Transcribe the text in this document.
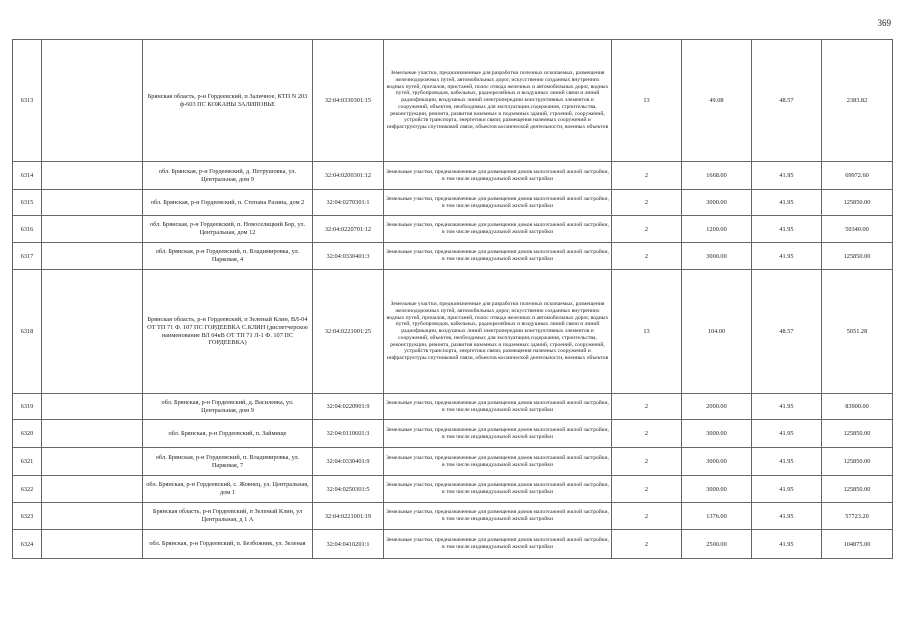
369
6313		Брянская область, р-н Гордеевский, п Заличное, КТП N 203 ф-603 ПС КОЖАНЫ ЗАЛИПОВЬЕ	32:04:0330301:15	Земельные участки, предназначенные для разработки полезных ископаемых, размещения железнодорожных путей, автомобильных дорог, искусственно созданных внутренних водных путей, причалов, пристаней, полос отвода железных и автомобильных дорог, водных путей, трубопроводов, кабельных, радиорелейных и воздушных линий связи и линий радиофикации, воздушных линий электропередачи конструктивных элементов и сооружений, объектов, необходимых для эксплуатации,содержания, строительства, реконструкции, ремонта, развития наземных и подземных зданий, строений, сооружений, устройств транспорта, энергетики связи; размещения наземных сооружений и инфраструктуры спутниковой связи, объектов космической деятельности, военных объектов	13	49.08	48.57	2383.82
6314		обл. Брянская, р-н Гордеевский, д. Петрушовка, ул. Центральная, дом 9	32:04:0200301:12	Земельные участки, предназначенные для размещения домов малоэтажной жилой застройки, в том числе индивидуальной жилой застройки	2	1668.00	41.95	69972.60
6315		обл. Брянская, р-н Гордеевский, п. Степана Разина, дом 2	32:04:0270301:1	Земельные участки, предназначенные для размещения домов малоэтажной жилой застройки, в том числе индивидуальной жилой застройки	2	3000.00	41.95	125850.00
6316		обл. Брянская, р-н Гордеевский, п. Новоселицкий Бор, ул. Центральная, дом 12	32:04:0220701:12	Земельные участки, предназначенные для размещения домов малоэтажной жилой застройки, в том числе индивидуальной жилой застройки	2	1200.00	41.95	50340.00
6317		обл. Брянская, р-н Гордеевский, п. Владимировка, ул. Парковая, 4	32:04:0330401:3	Земельные участки, предназначенные для размещения домов малоэтажной жилой застройки, в том числе индивидуальной жилой застройки	2	3000.00	41.95	125850.00
6318		Брянская область, р-н Гордеевский, п Зеленый Клин, ВЛ-04 ОТ ТП 71 Ф. 107 ПС ГОРДЕЕВКА С.КЛИН (диспетчерское наименование ВЛ 04кВ ОТ ТП 71 Л-1 Ф. 107 ПС ГОРДЕЕВКА)	32:04:0221001:25	Земельные участки, предназначенные для разработки полезных ископаемых, размещения железнодорожных путей, автомобильных дорог, искусственно созданных внутренних водных путей, причалов, пристаней, полос отвода железных и автомобильных дорог, водных путей, трубопроводов, кабельных, радиорелейных и воздушных линий связи и линий радиофикации, воздушных линий электропередачи конструктивных элементов и сооружений, объектов, необходимых для эксплуатации,содержания, строительства, реконструкции, ремонта, развития наземных и подземных зданий, строений, сооружений, устройств транспорта, энергетики связи; размещения наземных сооружений и инфраструктуры спутниковой связи, объектов космической деятельности, военных объектов	13	104.00	48.57	5051.28
6319		обл. Брянская, р-н Гордеевский, д. Василевка, ул. Центральная, дом 9	32:04:0220901:9	Земельные участки, предназначенные для размещения домов малоэтажной жилой застройки, в том числе индивидуальной жилой застройки	2	2000.00	41.95	83900.00
6320		обл. Брянская, р-н Гордеевский, п. Займище	32:04:0110601:3	Земельные участки, предназначенные для размещения домов малоэтажной жилой застройки, в том числе индивидуальной жилой застройки	2	3000.00	41.95	125850.00
6321		обл. Брянская, р-н Гордеевский, п. Владимировка, ул. Парковая, 7	32:04:0330401:9	Земельные участки, предназначенные для размещения домов малоэтажной жилой застройки, в том числе индивидуальной жилой застройки	2	3000.00	41.95	125850.00
6322		обл. Брянская, р-н Гордеевский, с. Жовнец, ул. Центральная, дом 1	32:04:0250301:5	Земельные участки, предназначенные для размещения домов малоэтажной жилой застройки, в том числе индивидуальной жилой застройки	2	3000.00	41.95	125850.00
6323		Брянская область, р-н Гордеевский, п Зеленый Клин, ул Центральная, д 1 А	32:04:0221001:19	Земельные участки, предназначенные для размещения домов малоэтажной жилой застройки, в том числе индивидуальной жилой застройки	2	1376.00	41.95	57723.20
6324		обл. Брянская, р-н Гордеевский, п. Безбожник, ул. Зеленая	32:04:0410201:1	Земельные участки, предназначенные для размещения домов малоэтажной жилой застройки, в том числе индивидуальной жилой застройки	2	2500.00	41.95	104875.00
